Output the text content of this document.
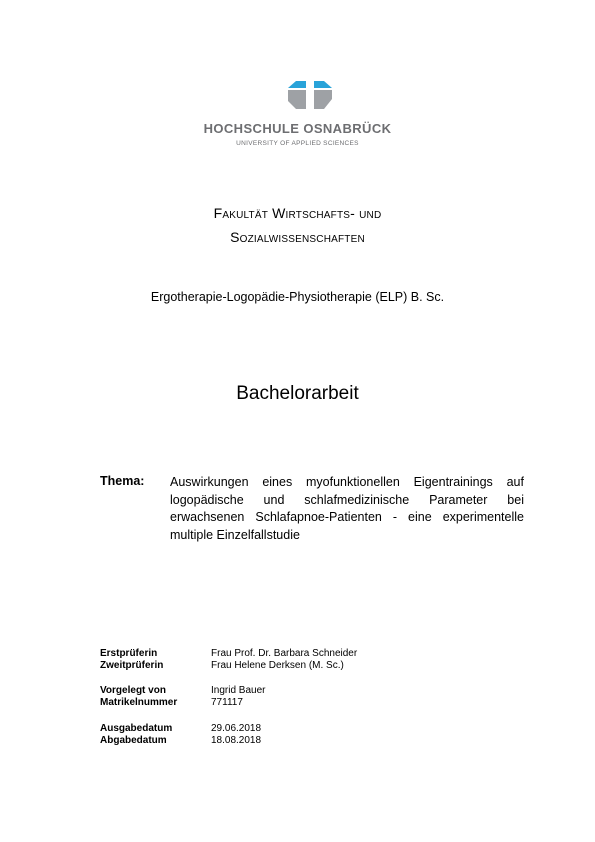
HOCHSCHULE OSNABRÜCK
UNIVERSITY OF APPLIED SCIENCES
Fakultät Wirtschafts- und
Sozialwissenschaften
Ergotherapie-Logopädie-Physiotherapie (ELP) B. Sc.
Bachelorarbeit
Thema: Auswirkungen eines myofunktionellen Eigentrainings auf logopädische und schlafmedizinische Parameter bei erwachsenen Schlafapnoe-Patienten - eine experimentelle multiple Einzelfallstudie
Erstprüferin	Frau Prof. Dr. Barbara Schneider
Zweitprüferin	Frau Helene Derksen (M. Sc.)
Vorgelegt von	Ingrid Bauer
Matrikelnummer	771117
Ausgabedatum	29.06.2018
Abgabedatum	18.08.2018
